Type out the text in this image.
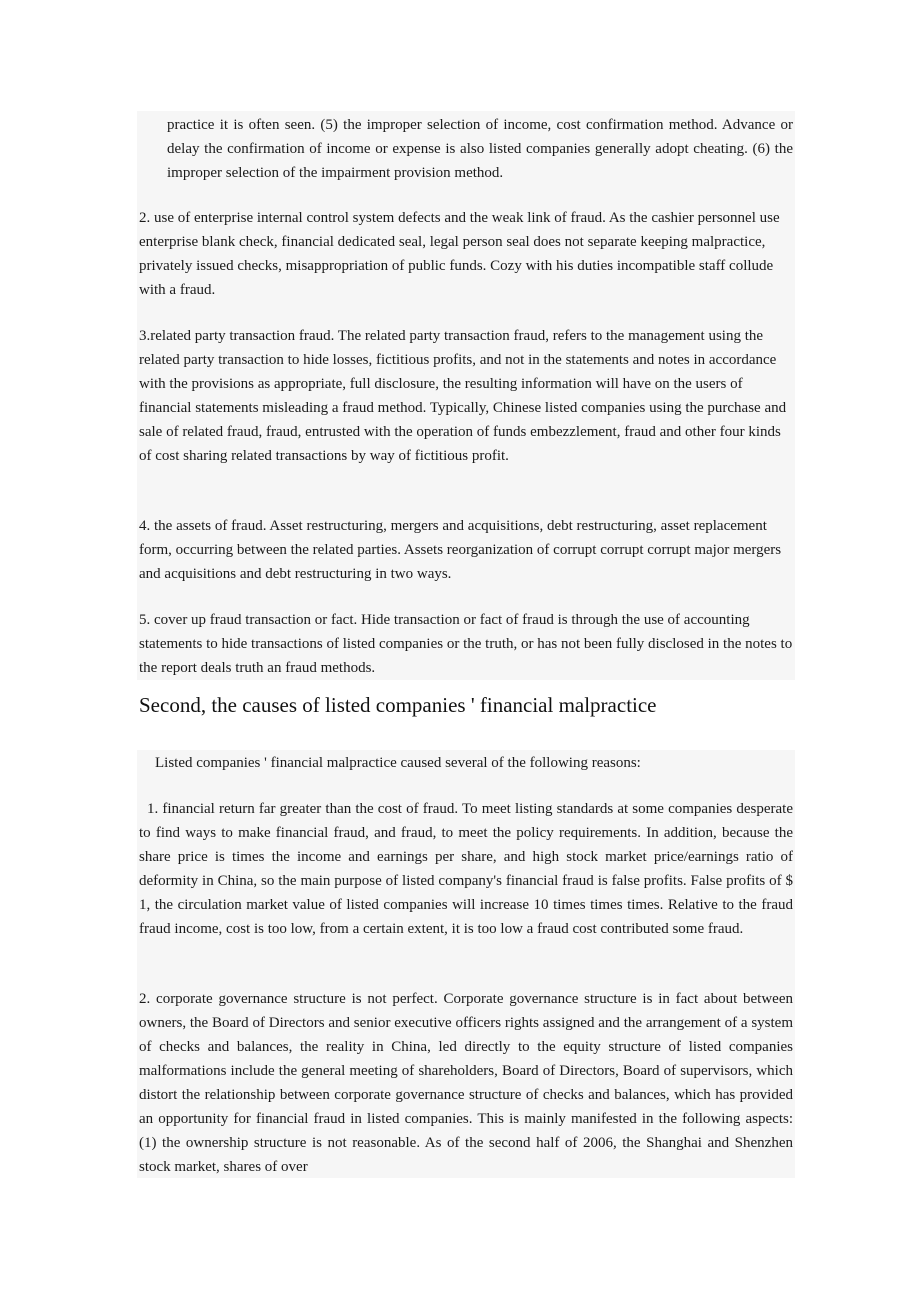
practice it is often seen. (5) the improper selection of income, cost confirmation method. Advance or delay the confirmation of income or expense is also listed companies generally adopt cheating. (6) the improper selection of the impairment provision method.

2. use of enterprise internal control system defects and the weak link of fraud. As the cashier personnel use enterprise blank check, financial dedicated seal, legal person seal does not separate keeping malpractice, privately issued checks, misappropriation of public funds. Cozy with his duties incompatible staff collude with a fraud.

3.related party transaction fraud. The related party transaction fraud, refers to the management using the related party transaction to hide losses, fictitious profits, and not in the statements and notes in accordance with the provisions as appropriate, full disclosure, the resulting information will have on the users of financial statements misleading a fraud method. Typically, Chinese listed companies using the purchase and sale of related fraud, fraud, entrusted with the operation of funds embezzlement, fraud and other four kinds of cost sharing related transactions by way of fictitious profit.

4. the assets of fraud. Asset restructuring, mergers and acquisitions, debt restructuring, asset replacement form, occurring between the related parties. Assets reorganization of corrupt corrupt corrupt major mergers and acquisitions and debt restructuring in two ways.

5. cover up fraud transaction or fact. Hide transaction or fact of fraud is through the use of accounting statements to hide transactions of listed companies or the truth, or has not been fully disclosed in the notes to the report deals truth an fraud methods.

Second, the causes of listed companies ' financial malpractice

Listed companies ' financial malpractice caused several of the following reasons:

1. financial return far greater than the cost of fraud. To meet listing standards at some companies desperate to find ways to make financial fraud, and fraud, to meet the policy requirements. In addition, because the share price is times the income and earnings per share, and high stock market price/earnings ratio of deformity in China, so the main purpose of listed company's financial fraud is false profits. False profits of $ 1, the circulation market value of listed companies will increase 10 times times times. Relative to the fraud fraud income, cost is too low, from a certain extent, it is too low a fraud cost contributed some fraud.

2. corporate governance structure is not perfect. Corporate governance structure is in fact about between owners, the Board of Directors and senior executive officers rights assigned and the arrangement of a system of checks and balances, the reality in China, led directly to the equity structure of listed companies malformations include the general meeting of shareholders, Board of Directors, Board of supervisors, which distort the relationship between corporate governance structure of checks and balances, which has provided an opportunity for financial fraud in listed companies. This is mainly manifested in the following aspects: (1) the ownership structure is not reasonable. As of the second half of 2006, the Shanghai and Shenzhen stock market, shares of over
